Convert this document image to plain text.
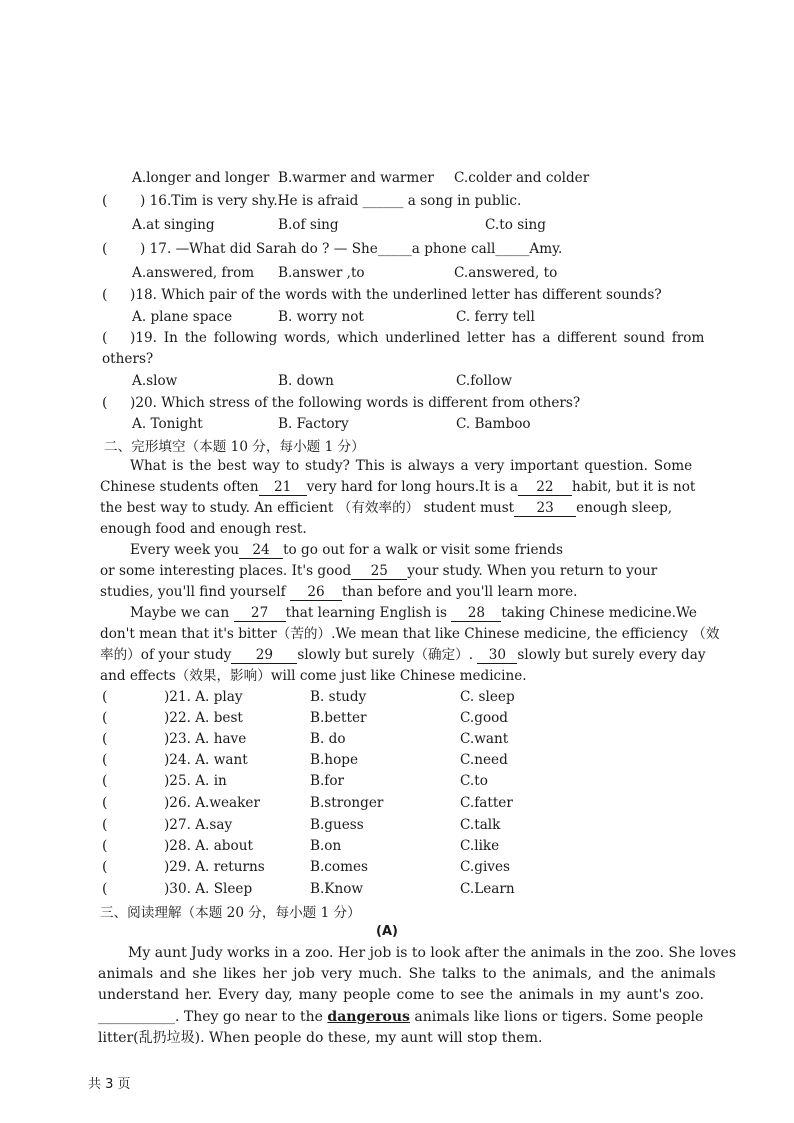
A.longer and longer B.warmer and warmer C.colder and colder
( ) 16.Tim is very shy.He is afraid ______ a song in public.
A.at singing	B.of sing	C.to sing
( ) 17. —What did Sarah do ? — She_____a phone call_____Amy.
A.answered, from B.answer ,to	C.answered, to
( )18. Which pair of the words with the underlined letter has different sounds?
A. plane space	B. worry not	C. ferry tell
( )19. In the following words, which underlined letter has a different sound from
others?
A.slow	B. down	C.follow
( )20. Which stress of the following words is different from others?
A. Tonight	B. Factory	C. Bamboo
二、完形填空（本题 10 分，每小题 1 分）
What is the best way to study? This is always a very important question. Some
Chinese students often 21 very hard for long hours.It is a 22 habit, but it is not
the best way to study. An efficient （有效率的） student must 23 enough sleep,
enough food and enough rest.
Every week you 24 to go out for a walk or visit some friends
or some interesting places. It's good 25 your study. When you return to your
studies, you'll find yourself 26 than before and you'll learn more.
Maybe we can 27 that learning English is 28 taking Chinese medicine.We
don't mean that it's bitter（苦的）.We mean that like Chinese medicine, the efficiency （效
率的）of your study 29 slowly but surely（确定）. 30 slowly but surely every day
and effects（效果，影响）will come just like Chinese medicine.
(	)21. A. play	B. study	C. sleep
(	)22. A. best	B.better	C.good
(	)23. A. have	B. do	C.want
(	)24. A. want	B.hope	C.need
(	)25. A. in	B.for	C.to
(	)26. A.weaker	B.stronger	C.fatter
(	)27. A.say	B.guess	C.talk
(	)28. A. about	B.on	C.like
(	)29. A. returns	B.comes	C.gives
(	)30. A. Sleep	B.Know	C.Learn
三、阅读理解（本题 20 分，每小题 1 分）
(A)
My aunt Judy works in a zoo. Her job is to look after the animals in the zoo. She loves
animals and she likes her job very much. She talks to the animals, and the animals
understand her. Every day, many people come to see the animals in my aunt's zoo.
___________. They go near to the dangerous animals like lions or tigers. Some people
litter(乱扔垃圾). When people do these, my aunt will stop them.
共 3 页
